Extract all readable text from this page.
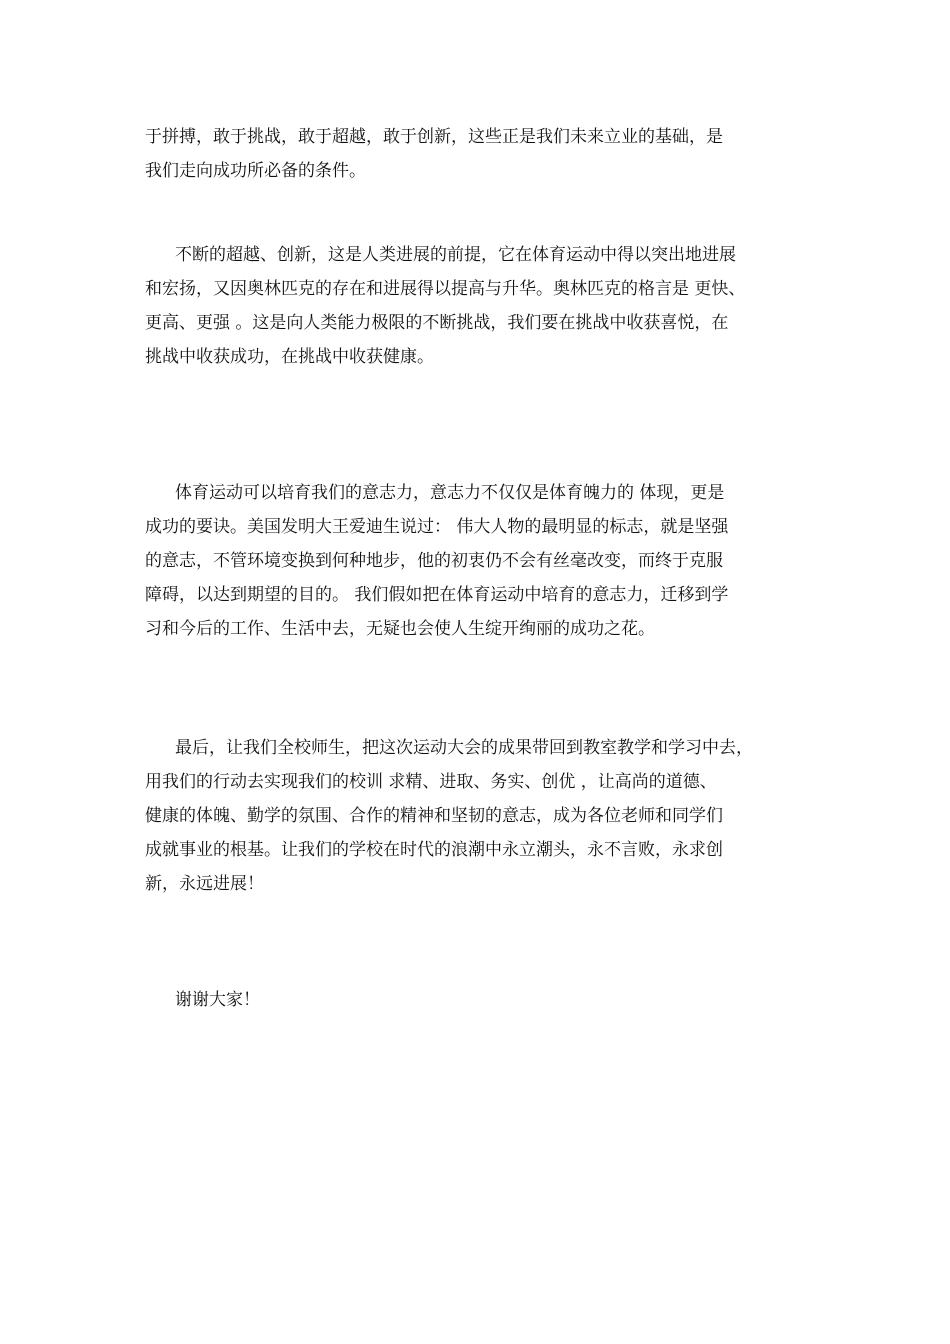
于拼搏，敢于挑战，敢于超越，敢于创新，这些正是我们未来立业的基础，是
我们走向成功所必备的条件。
不断的超越、创新，这是人类进展的前提，它在体育运动中得以突出地进展
和宏扬，又因奥林匹克的存在和进展得以提高与升华。奥林匹克的格言是 更快、
更高、更强 。这是向人类能力极限的不断挑战，我们要在挑战中收获喜悦，在
挑战中收获成功，在挑战中收获健康。
体育运动可以培育我们的意志力，意志力不仅仅是体育魄力的 体现，更是
成功的要诀。美国发明大王爱迪生说过： 伟大人物的最明显的标志，就是坚强
的意志，不管环境变换到何种地步，他的初衷仍不会有丝毫改变，而终于克服
障碍，以达到期望的目的。 我们假如把在体育运动中培育的意志力，迁移到学
习和今后的工作、生活中去，无疑也会使人生绽开绚丽的成功之花。
最后，让我们全校师生，把这次运动大会的成果带回到教室教学和学习中去，
用我们的行动去实现我们的校训 求精、进取、务实、创优 ，让高尚的道德、
健康的体魄、勤学的氛围、合作的精神和坚韧的意志，成为各位老师和同学们
成就事业的根基。让我们的学校在时代的浪潮中永立潮头，永不言败，永求创
新，永远进展！
谢谢大家！
